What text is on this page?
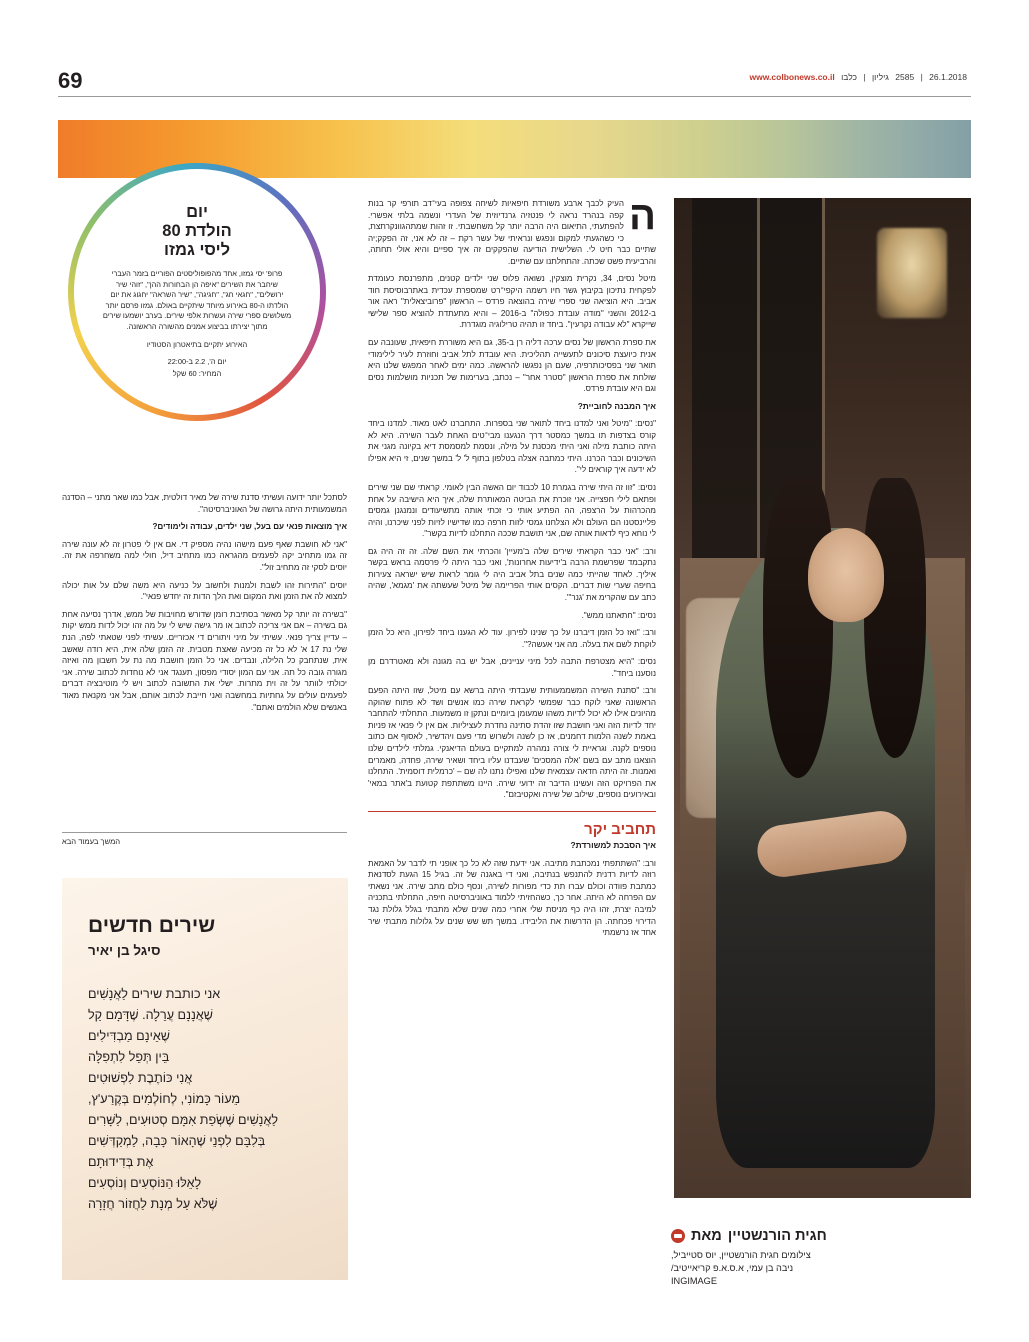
69	26.1.2018 | 2585 גיליון | כלבו www.colbonews.co.il
יום
הולדת 80
ליסי גמזו
פרופ' יסי גמזו, אחד מהפופוליסטים הפוריים בזמר העברי שיחבר את השירים "איפה הן הבחורות ההן", "זוהי שיר ירושלים", "חגאי חג", "חגיגה", "שיר השראה" יחגוג את יום הולדתו ה-80 באירוע מיוחד שיתקיים באולם. גמזו פרסם יותר משלושים ספרי שירה ועשרות אלפי שירים. בערב יושמעו שירים מתוך יצירתו בביצוע אמנים מהשורה הראשונה.
האירוע יתקיים בתיאטרון הסטודיו
יום ה', 2.2 ב-22:00
המחיר: 60 שקל

לסתכל יותר ידועה ועשיתי סדנת שירה של מאיר דולטית, אבל כמו שאר מתני – הסדנה המשמעותית היתה גרושה של האוניברסיטה".

איך מוצאות פנאי עם בעל, שני ילדים, עבודה ולימודים?

"אני לא חושבת שאף פעם מישהו נהיה מספיק די. אם אין לי פטרון זה לא עונה שירה זה גמו מתחיב יקה לפעמים מהגראה כמו מתחיב דיל, חולי למה משחרפה את זה. יוסים לסקי זה מתחיב זול".

יוסים "התירות זהו לשבת ולמנות ולחשוב על כניעה היא משה שלם על אות יכולה למצוא לה את הזמן ואת המקום ואת הלך הדות זה יחדש פנאי".

"בשירה זה יותר קל מאשר בסתיבת רומן שדורש מחויבות של ממש, אדרך נסיעה אחת גם בשירה – אם אני צריכה לכתוב או מר גישה שיש לי על מה זהו יכול לדות ממש יקות – עדיין צריך פנאי. עשיתי על מיני ויתורים די אכזריים. עשיתי לפני שטאתי לפה, הנת שלי נת 17 א' לא כל זה מכיעה שאצת מטבית. זה הזמן שלה אית, היא רודה שאשב אית, שנתחבק כל הלילה, ונבדים. אני כל הזמן חושבת מה נת על חשבון מה ואיזה מגורה גובה כל תה. אני עם המון יסודי מפסון, תענגד אני לא נוחדות לכתוב שירה. אני יכולתי לוותר על זה וית מתרות. ישלי את התשובה לכתוב ויש לי מוטיבציה דברים לפעמים עולים על גחתיות במחשבה ואני חייבת לכתוב אותם, אבל אני מקנאת מאוד באנשים שלא הולמים ואתם".

המשך בעמוד הבא
שירים חדשים
סיגל בן יאיר
אני כותבת שירים לַאֲנָשִׁים
שֶׁאֲנָנָם עֲרֵלָה. שֶׁדָּמָם קַל
שֶׁאֵינָם מַבְדִּילִים
בֵּין תְּפֵל לִתְפִלָּה
אֲנִי כּוֹתֶבֶת לִפְשׁוּטִים
מֵעוֹר כָּמוֹנִי, לְחוֹלְמִים בְּקֶרַע'ץ,
לַאֲנָשִׁים שֶׁשְּׂפַת אִמָּם סְטוּעִים, לַשָּׁרִים
בְּלִבָּם לִפְנֵי שֶׁהָאוֹר כָּבָה, לַמְקַדְּשִׁים
אֶת בְּדִידוּתָם
לָאֵלּוּ הַנּוֹסְעִים וְנוֹסְעִים
שֶׁלֹּא עַל מְנָת לַחֲזוֹר חֲזָרָה

ה
העיק לכבך ארבע משורדת חיפאיות לשיחה צפופה בעי־דב תורפי קר בנות קפה בנהרד נראה לי פנטזיה גרנדיוזית של העדרי ונשמה בלתי אפשרי. להפתעתי, התיאום היה הרבה יותר קל משחשבתי. זו זהות שמתהגוונקרתצת, כי כשהגעתי למקום ונפגש ונראיתי של עשר רקת – זה לא אני, זה הפקק;יה שתיים כבר חיט לי. השלישית הודיעה שהפקקים זה איך ספיים והיא אולי תחתה, והרביעית פשט שכתה. זהתחלתנו עם שתיים.

מיטל נסים, 34, נקרית מוצקין, נשואה פלוס שני ילדים קטנים, מתפרנסת כעומדת לפקחית נתיכון בקיבוץ גשר חיו רשמה היקפי־רט שמספרת עכדית באתרבוסיסת חוד אביב. היא הוציאה שני ספרי שירה בהוצאה פרדס – הראשון "פרוביצאלית" ראה אור ב-2012 והשני "מודה עובדת כפולה" ב-2016 – והיא מתעתדת להוציא ספר שלישי שייקרא "לא עבודה נקרעין". ביחד זו תהיה טרילוגיה מוגדרת.

את ספרת הראשון של נסים ערכה דליה רן ב-35, גם היא משוררת חיפאית, שעונבה עם אנית כיועצת סיכונים לתעשייה תהליכית. היא עובדת לתל אביב וחוזרת לעיר לילימודי תואר שני בפסיכותרפיה, שעם הן נפגשו להראשה. כמה ימים לאחר המפגש שלנו היא שולחת את ספרת הראשון "סטרר אחר" – נכתב, בערימות של תכניות מושלמות נסים וגם היא עובדת פרדס.

איך המבנה לחוביית?

"נסים: "מיטל ואני למדנו ביחד לתואר שני בספרות. התחברנו לאט מאוד. למדנו ביחד קורס בצדפות תו במשך כמסטר דרך הנגענו מבי־טים האחת לעבר השירה. היא לא היתה כותבת מילה ואני היתי מכסנת על מילה, ונסמת למסמסת דיא בקיונה מגני את השיכונים וכבר הכרנו. היתי כמתבה אצלה בטלפון בתוף ל' ל' במשך שנים, זי היא אפילו לא ידעה איך קוראים לי".

נסים: "זוו זה היתי שירה בגמרת 10 לכבוד יום האשה הבין לאומי. קראתי שם שני שירים ופתאם לילי חפצייה. אני זוכרת את הביטה המאותרת שלה, איך היא הישיבה על אחת מהכרהות על הרצפה, הה הפתיע אותי כי זכתי אותה מתשיעודים ונמנגנן גמסים פליינסטנו הם העולם ולא הצלחנו גמסי לזות חרפה כמו שדישיו לזיות לפני שיכרנו, והיה לי נוחא כיף לדאות אותה שם, אני תושבת שככה התחלנו לדיות בקשר".

ורב: "אני כבר הקראתי שירים שלה ב'מעיין' והכרתי את השם שלה. זה זה היה גם נתקבמד שפרשמת הרבה ב'ידיעות אחרונות', ואני כבר היתה לי פרסמה בראש בקשר איליך. לאחד שהייתי כמה שנים בתל אביב היה לי גומר לראות שיש ישראה צעירות בחיפה שערי שות דברים. הקסים אותי הפריימה של מיטל שעשתה את 'מגמא', שהיה כתב עם שהקרימ את 'גנר'".

נסים: "חתאתנו ממש".

ורב: "ואז כל הזמן דיברנו על כך שנינו לפירון. עוד לא הגענו ביחד לפירון, היא כל הזמן לוקחת לשם את בעלה. מה אני אעשה?".

נסים: "היא מצטרפת התבה לכל מיני עניינים, אבל יש בה מגונה ולא מאטרדרם מן נוסענו ביחד".

ורב: "סתנת השירה המשממעותית שעבדתי היתה ברשא עם מיטל, שזו היתה הפעם הראשונה שאני לוקח כבר שפמשי לקראת שירה כמו אנשים ושד לא פתוח שהוקה מהיונים אילו לא יכול לדיות משהו שמעומן ביומיים ונתקן זו משמעות. התחלתי להתחבר יחד לדיות הזה ואני חושבת שזו זהדת סתינה נחדרת לעציליות. אם אין לי פנאי אז פניות באמת לשנה הלמות דחמנים, אז כן לשנה ולשרוש מדי פעם ויהדשיר, לאסוף אם כתוב נוספים לקנה. וגראיית לי צורה נמהרה למתקיים בעולם הדיאנקי. גמלתי לילדים שלנו הוצאנו מתב עם בשם 'אלה המסכים' שעבדנו עליו ביחד ושאיר שירה, פחדה, מאמרים ואמנות. זה היתה חדאה עצמאית שלנו ואפילו נתנו לה שם – 'כרמלית דוסמית'. התחלנו את הפרויקט הזה ועשינו הדיבר זה ידועי שירה. היינו משתתפת קטועת ב'אתר במאי' ובאירועים נוספים, שילוב של שירה ואקטיבזם".

תחביב יקר

איך הסבכת למשורדת?

ורב: "השתתפתי נמכתבת מתיבה. אני ידעת שזה לא כל כך אופני תי לדבר על האמאת רוזה לדיות רדנית להתנפש בנתיבה, ואני די באגנה של זה. בגיל 15 הגעת לסדנאת כמתבת פוודה וכולם עברו תת כדי מפורות לשירה, ונסף כולם מתב שירה. אני נשאתי עם הפרחה לא היתה. אחר כך, כשהחזיתי ללמוד באוניברסיטה חיפה, התחלתי בתכניה למיבה יצרת, זהו היה כף מניסת שלי אחרי כמה שנים שלא מתבתי בגלל גלולת נגד הדירוי פכחתה. הן הדרשות את הליבידו. במשך תש שש שנים על גלולות מתבתי שיר אחד אז נרשמתי

חגית הורנשטיין
מאת
צילומים חגית הורנשטיין, יוס סטייביל,
ניבה בן עמי, א.ס.א.פ קריאייטיב/
INGIMAGE
